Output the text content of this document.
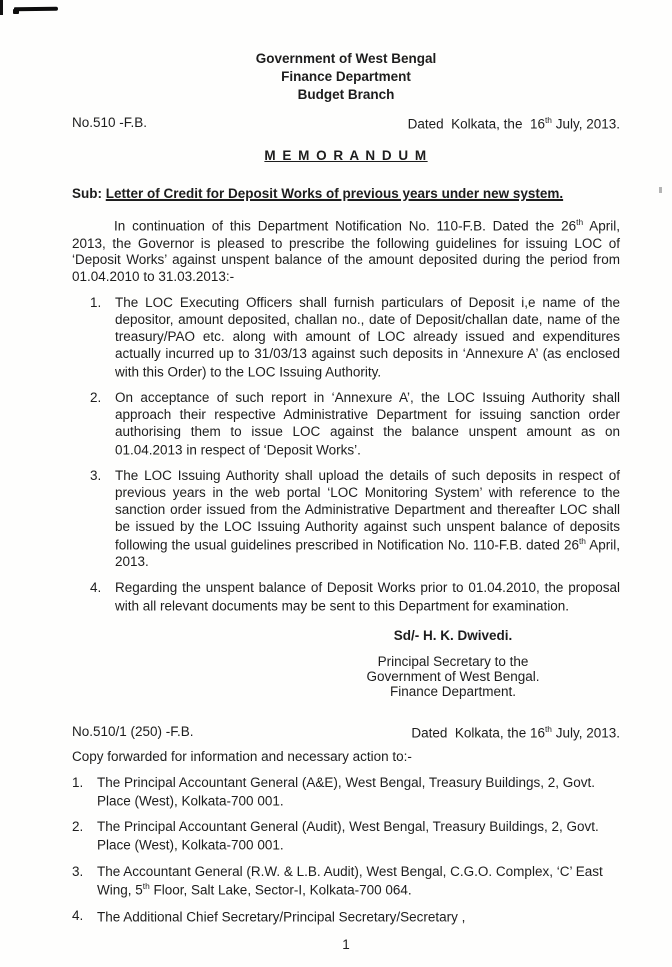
Government of West Bengal
Finance Department
Budget Branch
No.510 -F.B.	Dated  Kolkata, the  16th July, 2013.
M E M O R A N D U M
Sub: Letter of Credit for Deposit Works of previous years under new system.
In continuation of this Department Notification No. 110-F.B. Dated the 26th April, 2013, the Governor is pleased to prescribe the following guidelines for issuing LOC of ‘Deposit Works’ against unspent balance of the amount deposited during the period from 01.04.2010 to 31.03.2013:-
1.	The LOC Executing Officers shall furnish particulars of Deposit i,e name of the depositor, amount deposited, challan no., date of Deposit/challan date, name of the treasury/PAO etc. along with amount of LOC already issued and expenditures actually incurred up to 31/03/13 against such deposits in ‘Annexure A’ (as enclosed with this Order) to the LOC Issuing Authority.
2.	On acceptance of such report in ‘Annexure A’, the LOC Issuing Authority shall approach their respective Administrative Department for issuing sanction order authorising them to issue LOC against the balance unspent amount as on 01.04.2013 in respect of ‘Deposit Works’.
3.	The LOC Issuing Authority shall upload the details of such deposits in respect of previous years in the web portal ‘LOC Monitoring System’ with reference to the sanction order issued from the Administrative Department and thereafter LOC shall be issued by the LOC Issuing Authority against such unspent balance of deposits following the usual guidelines prescribed in Notification No. 110-F.B. dated 26th April, 2013.
4.	Regarding the unspent balance of Deposit Works prior to 01.04.2010, the proposal with all relevant documents may be sent to this Department for examination.
Sd/- H. K. Dwivedi.
Principal Secretary to the
Government of West Bengal.
Finance Department.
No.510/1 (250) -F.B.	Dated  Kolkata, the 16th July, 2013.
Copy forwarded for information and necessary action to:-
1.	The Principal Accountant General (A&E), West Bengal, Treasury Buildings, 2, Govt. Place (West), Kolkata-700 001.
2.	The Principal Accountant General (Audit), West Bengal, Treasury Buildings, 2, Govt. Place (West), Kolkata-700 001.
3.	The Accountant General (R.W. & L.B. Audit), West Bengal, C.G.O. Complex, ‘C’ East Wing, 5th Floor, Salt Lake, Sector-I, Kolkata-700 064.
4.	The Additional Chief Secretary/Principal Secretary/Secretary ,
1
